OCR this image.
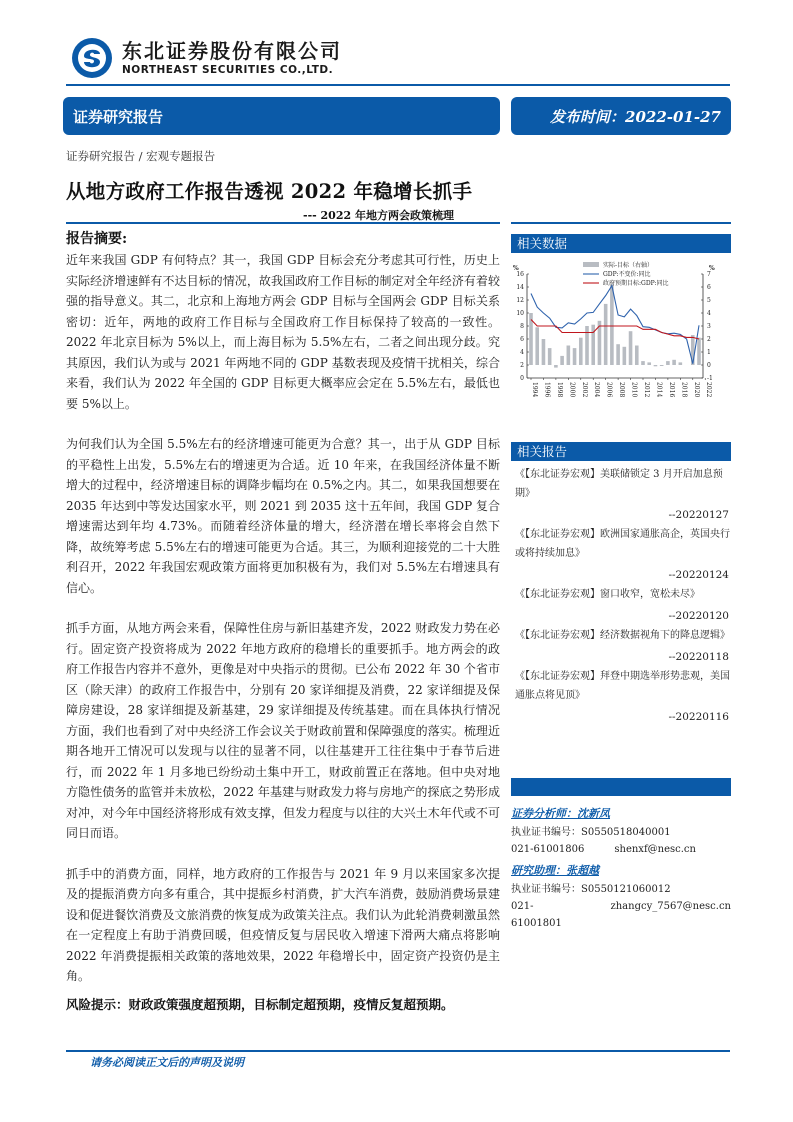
东北证券股份有限公司
NORTHEAST SECURITIES CO.,LTD.
证券研究报告	发布时间：2022-01-27
证券研究报告 / 宏观专题报告
从地方政府工作报告透视 2022 年稳增长抓手
--- 2022 年地方两会政策梳理
报告摘要:

近年来我国 GDP 有何特点？其一，我国 GDP 目标会充分考虑其可行性，历史上实际经济增速鲜有不达目标的情况，故我国政府工作目标的制定对全年经济有着较强的指导意义。其二，北京和上海地方两会 GDP 目标与全国两会 GDP 目标关系密切：近年，两地的政府工作目标与全国政府工作目标保持了较高的一致性。2022 年北京目标为 5%以上，而上海目标为 5.5%左右，二者之间出现分歧。究其原因，我们认为或与 2021 年两地不同的 GDP 基数表现及疫情干扰相关，综合来看，我们认为 2022 年全国的 GDP 目标更大概率应会定在 5.5%左右，最低也要 5%以上。

为何我们认为全国 5.5%左右的经济增速可能更为合意？其一，出于从 GDP 目标的平稳性上出发，5.5%左右的增速更为合适。近 10 年来，在我国经济体量不断增大的过程中，经济增速目标的调降步幅均在 0.5%之内。其二，如果我国想要在 2035 年达到中等发达国家水平，则 2021 到 2035 这十五年间，我国 GDP 复合增速需达到年均 4.73%。而随着经济体量的增大，经济潜在增长率将会自然下降，故统筹考虑 5.5%左右的增速可能更为合适。其三，为顺利迎接党的二十大胜利召开，2022 年我国宏观政策方面将更加积极有为，我们对 5.5%左右增速具有信心。

抓手方面，从地方两会来看，保障性住房与新旧基建齐发，2022 财政发力势在必行。固定资产投资将成为 2022 年地方政府的稳增长的重要抓手。地方两会的政府工作报告内容并不意外，更像是对中央指示的贯彻。已公布 2022 年 30 个省市区（除天津）的政府工作报告中，分别有 20 家详细提及消费，22 家详细提及保障房建设，28 家详细提及新基建，29 家详细提及传统基建。而在具体执行情况方面，我们也看到了对中央经济工作会议关于财政前置和保障强度的落实。梳理近期各地开工情况可以发现与以往的显著不同，以往基建开工往往集中于春节后进行，而 2022 年 1 月多地已纷纷动土集中开工，财政前置正在落地。但中央对地方隐性债务的监管并未放松，2022 年基建与财政发力将与房地产的探底之势形成对冲，对今年中国经济将形成有效支撑，但发力程度与以往的大兴土木年代或不可同日而语。

抓手中的消费方面，同样，地方政府的工作报告与 2021 年 9 月以来国家多次提及的提振消费方向多有重合，其中提振乡村消费，扩大汽车消费，鼓励消费场景建设和促进餐饮消费及文旅消费的恢复成为政策关注点。我们认为此轮消费刺激虽然在一定程度上有助于消费回暖，但疫情反复与居民收入增速下滑两大痛点将影响 2022 年消费提振相关政策的落地效果，2022 年稳增长中，固定资产投资仍是主角。

风险提示：财政政策强度超预期，目标制定超预期，疫情反复超预期。
相关数据
%	%
0
2
4
6
8
10
12
14
16
-1
0
1
2
3
4
5
6
7
1994 1996 1998 2000 2002 2004 2006 2008 2010 2012 2014 2016 2018 2020 2022
实际-目标（右轴）
GDP:不变价:同比
政府预期目标:GDP:同比
相关报告
《【东北证券宏观】美联储锁定 3 月开启加息预期》
--20220127
《【东北证券宏观】欧洲国家通胀高企，英国央行或将持续加息》
--20220124
《【东北证券宏观】窗口收窄，宽松未尽》
--20220120
《【东北证券宏观】经济数据视角下的降息逻辑》
--20220118
《【东北证券宏观】拜登中期选举形势悲观，美国通胀点将见顶》
--20220116
证券分析师：沈新凤
执业证书编号：S0550518040001
021-61001806	shenxf@nesc.cn
研究助理：张超越
执业证书编号：S0550121060012
021-61001801
zhangcy_7567@nesc.cn
请务必阅读正文后的声明及说明
